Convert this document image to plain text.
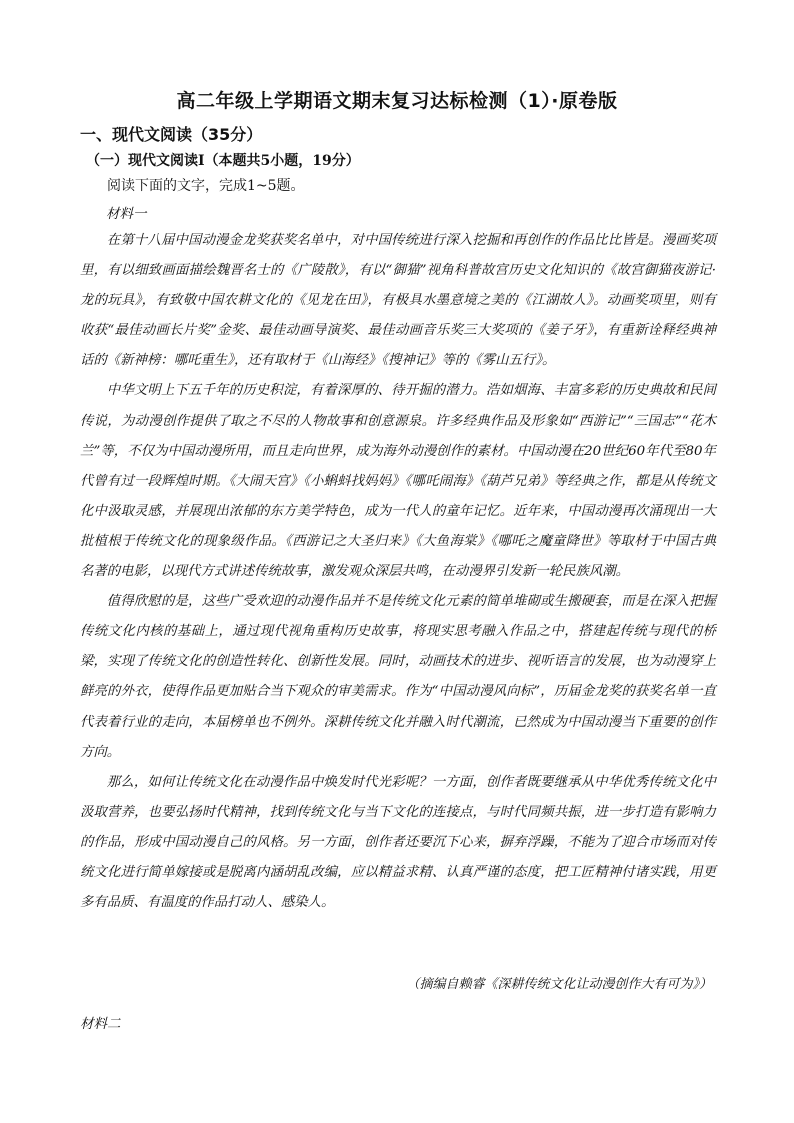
高二年级上学期语文期末复习达标检测（1）·原卷版
一、现代文阅读（35分）
（一）现代文阅读Ⅰ（本题共5小题，19分）

阅读下面的文字，完成1~5题。

材料一

在第十八届中国动漫金龙奖获奖名单中，对中国传统进行深入挖掘和再创作的作品比比皆是。漫画奖项里，有以细致画面描绘魏晋名士的《广陵散》，有以“御猫”视角科普故宫历史文化知识的《故宫御猫夜游记·龙的玩具》，有致敬中国农耕文化的《见龙在田》，有极具水墨意境之美的《江湖故人》。动画奖项里，则有收获“最佳动画长片奖”金奖、最佳动画导演奖、最佳动画音乐奖三大奖项的《姜子牙》，有重新诠释经典神话的《新神榜：哪吒重生》，还有取材于《山海经》《搜神记》等的《雾山五行》。

中华文明上下五千年的历史积淀，有着深厚的、待开掘的潜力。浩如烟海、丰富多彩的历史典故和民间传说，为动漫创作提供了取之不尽的人物故事和创意源泉。许多经典作品及形象如“西游记”“三国志”“花木兰”等，不仅为中国动漫所用，而且走向世界，成为海外动漫创作的素材。中国动漫在20世纪60年代至80年代曾有过一段辉煌时期。《大闹天宫》《小蝌蚪找妈妈》《哪吒闹海》《葫芦兄弟》等经典之作，都是从传统文化中汲取灵感，并展现出浓郁的东方美学特色，成为一代人的童年记忆。近年来，中国动漫再次涌现出一大批植根于传统文化的现象级作品。《西游记之大圣归来》《大鱼海棠》《哪吒之魔童降世》等取材于中国古典名著的电影，以现代方式讲述传统故事，激发观众深层共鸣，在动漫界引发新一轮民族风潮。

值得欣慰的是，这些广受欢迎的动漫作品并不是传统文化元素的简单堆砌或生搬硬套，而是在深入把握传统文化内核的基础上，通过现代视角重构历史故事，将现实思考融入作品之中，搭建起传统与现代的桥梁，实现了传统文化的创造性转化、创新性发展。同时，动画技术的进步、视听语言的发展，也为动漫穿上鲜亮的外衣，使得作品更加贴合当下观众的审美需求。作为“中国动漫风向标”，历届金龙奖的获奖名单一直代表着行业的走向，本届榜单也不例外。深耕传统文化并融入时代潮流，已然成为中国动漫当下重要的创作方向。

那么，如何让传统文化在动漫作品中焕发时代光彩呢？一方面，创作者既要继承从中华优秀传统文化中汲取营养，也要弘扬时代精神，找到传统文化与当下文化的连接点，与时代同频共振，进一步打造有影响力的作品，形成中国动漫自己的风格。另一方面，创作者还要沉下心来，摒弃浮躁，不能为了迎合市场而对传统文化进行简单嫁接或是脱离内涵胡乱改编，应以精益求精、认真严谨的态度，把工匠精神付诸实践，用更多有品质、有温度的作品打动人、感染人。

（摘编自赖睿《深耕传统文化让动漫创作大有可为》）

材料二
